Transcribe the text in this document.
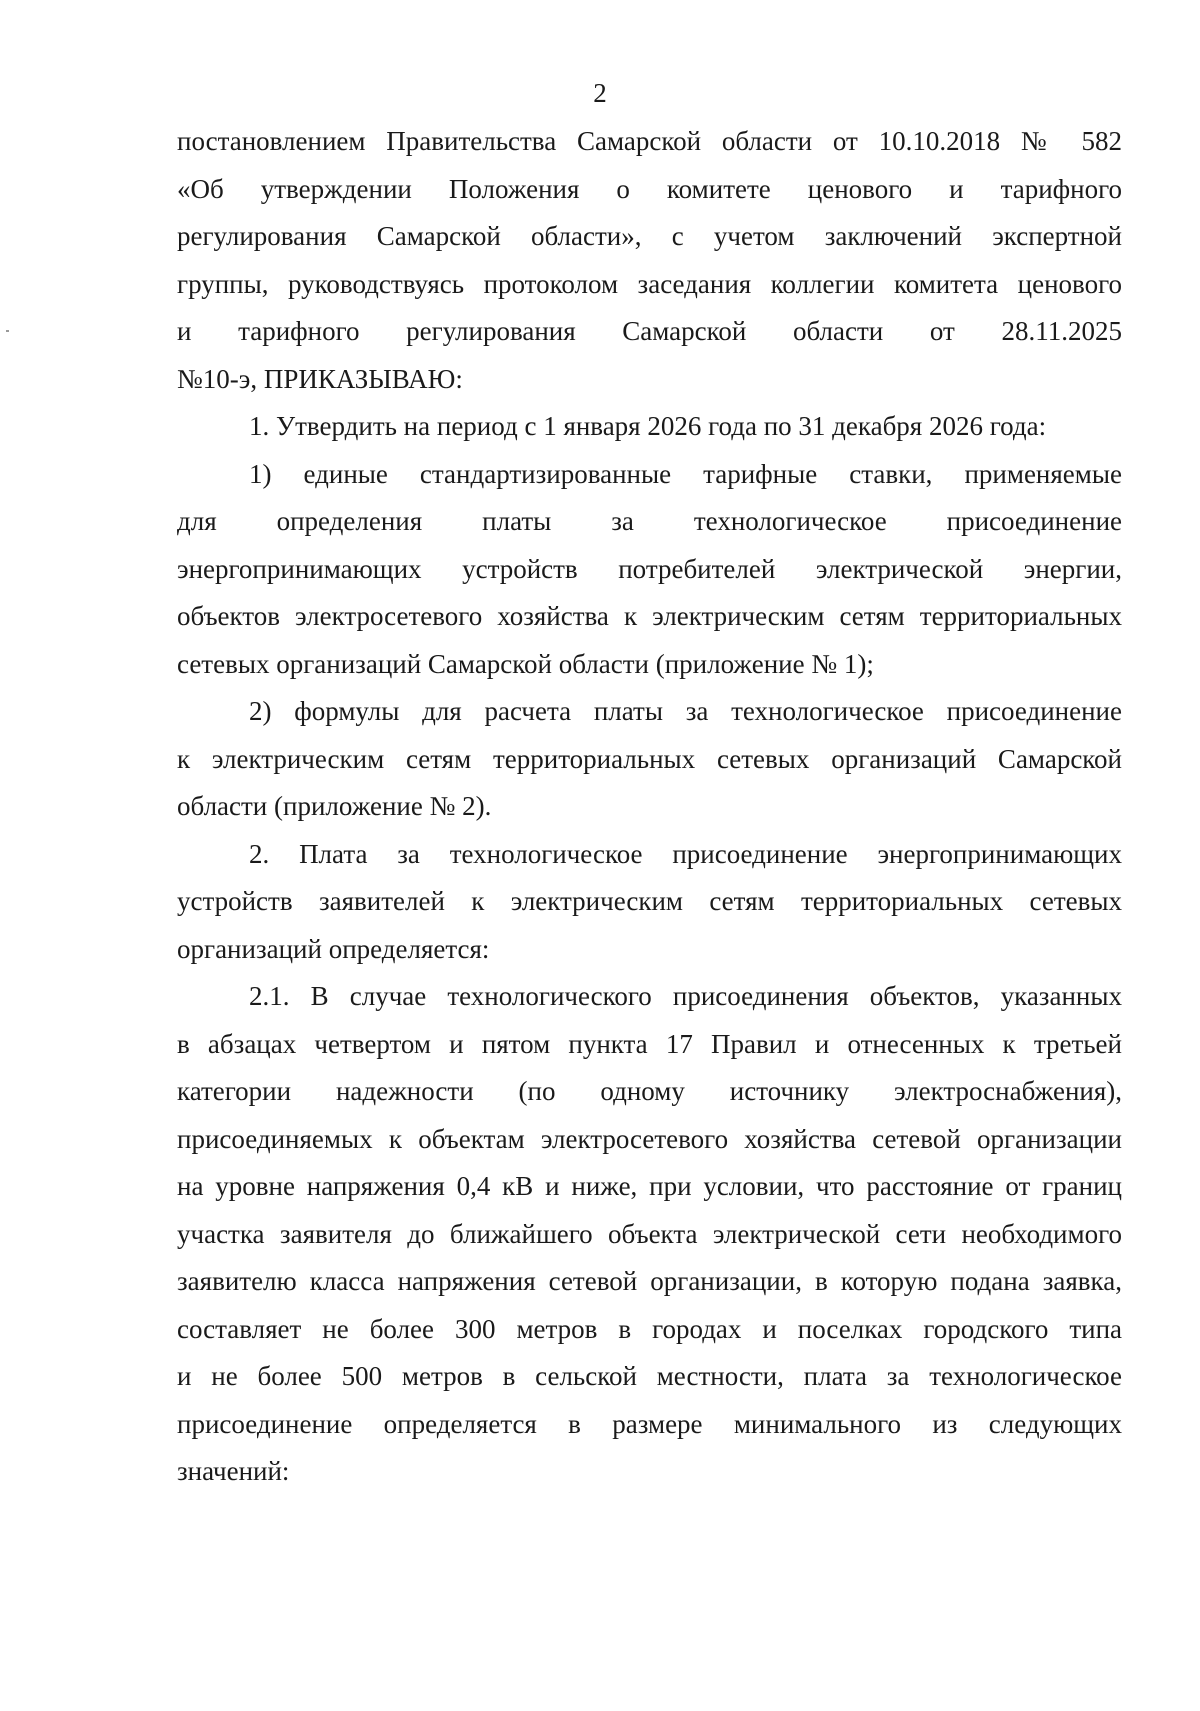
2
постановлением Правительства Самарской области от 10.10.2018 № 582
«Об утверждении Положения о комитете ценового и тарифного
регулирования Самарской области», с учетом заключений экспертной
группы, руководствуясь протоколом заседания коллегии комитета ценового
и тарифного регулирования Самарской области от 28.11.2025
№10-э, ПРИКАЗЫВАЮ:
1. Утвердить на период с 1 января 2026 года по 31 декабря 2026 года:
1) единые стандартизированные тарифные ставки, применяемые
для определения платы за технологическое присоединение
энергопринимающих устройств потребителей электрической энергии,
объектов электросетевого хозяйства к электрическим сетям территориальных
сетевых организаций Самарской области (приложение № 1);
2) формулы для расчета платы за технологическое присоединение
к электрическим сетям территориальных сетевых организаций Самарской
области (приложение № 2).
2. Плата за технологическое присоединение энергопринимающих
устройств заявителей к электрическим сетям территориальных сетевых
организаций определяется:
2.1. В случае технологического присоединения объектов, указанных
в абзацах четвертом и пятом пункта 17 Правил и отнесенных к третьей
категории надежности (по одному источнику электроснабжения),
присоединяемых к объектам электросетевого хозяйства сетевой организации
на уровне напряжения 0,4 кВ и ниже, при условии, что расстояние от границ
участка заявителя до ближайшего объекта электрической сети необходимого
заявителю класса напряжения сетевой организации, в которую подана заявка,
составляет не более 300 метров в городах и поселках городского типа
и не более 500 метров в сельской местности, плата за технологическое
присоединение определяется в размере минимального из следующих
значений:
